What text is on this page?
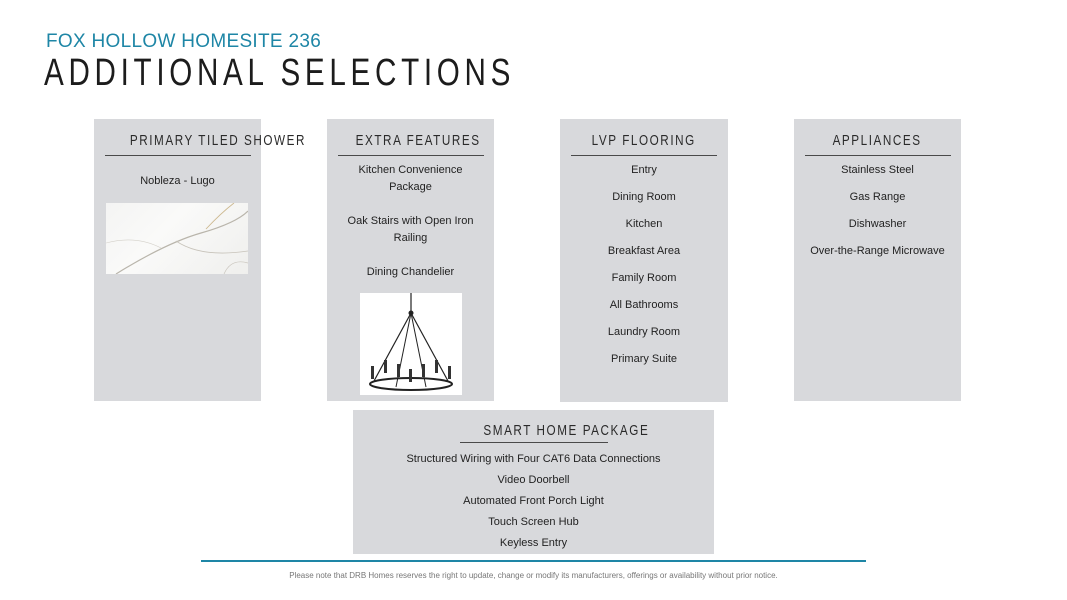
FOX HOLLOW HOMESITE 236
ADDITIONAL SELECTIONS
PRIMARY TILED SHOWER
Nobleza - Lugo
EXTRA FEATURES
Kitchen Convenience Package
Oak Stairs with Open Iron Railing
Dining Chandelier
LVP FLOORING
Entry
Dining Room
Kitchen
Breakfast Area
Family Room
All Bathrooms
Laundry Room
Primary Suite
APPLIANCES
Stainless Steel
Gas Range
Dishwasher
Over-the-Range Microwave
SMART HOME PACKAGE
Structured Wiring with Four CAT6 Data Connections
Video Doorbell
Automated Front Porch Light
Touch Screen Hub
Keyless Entry
Please note that DRB Homes reserves the right to update, change or modify its manufacturers, offerings or availability without prior notice.
